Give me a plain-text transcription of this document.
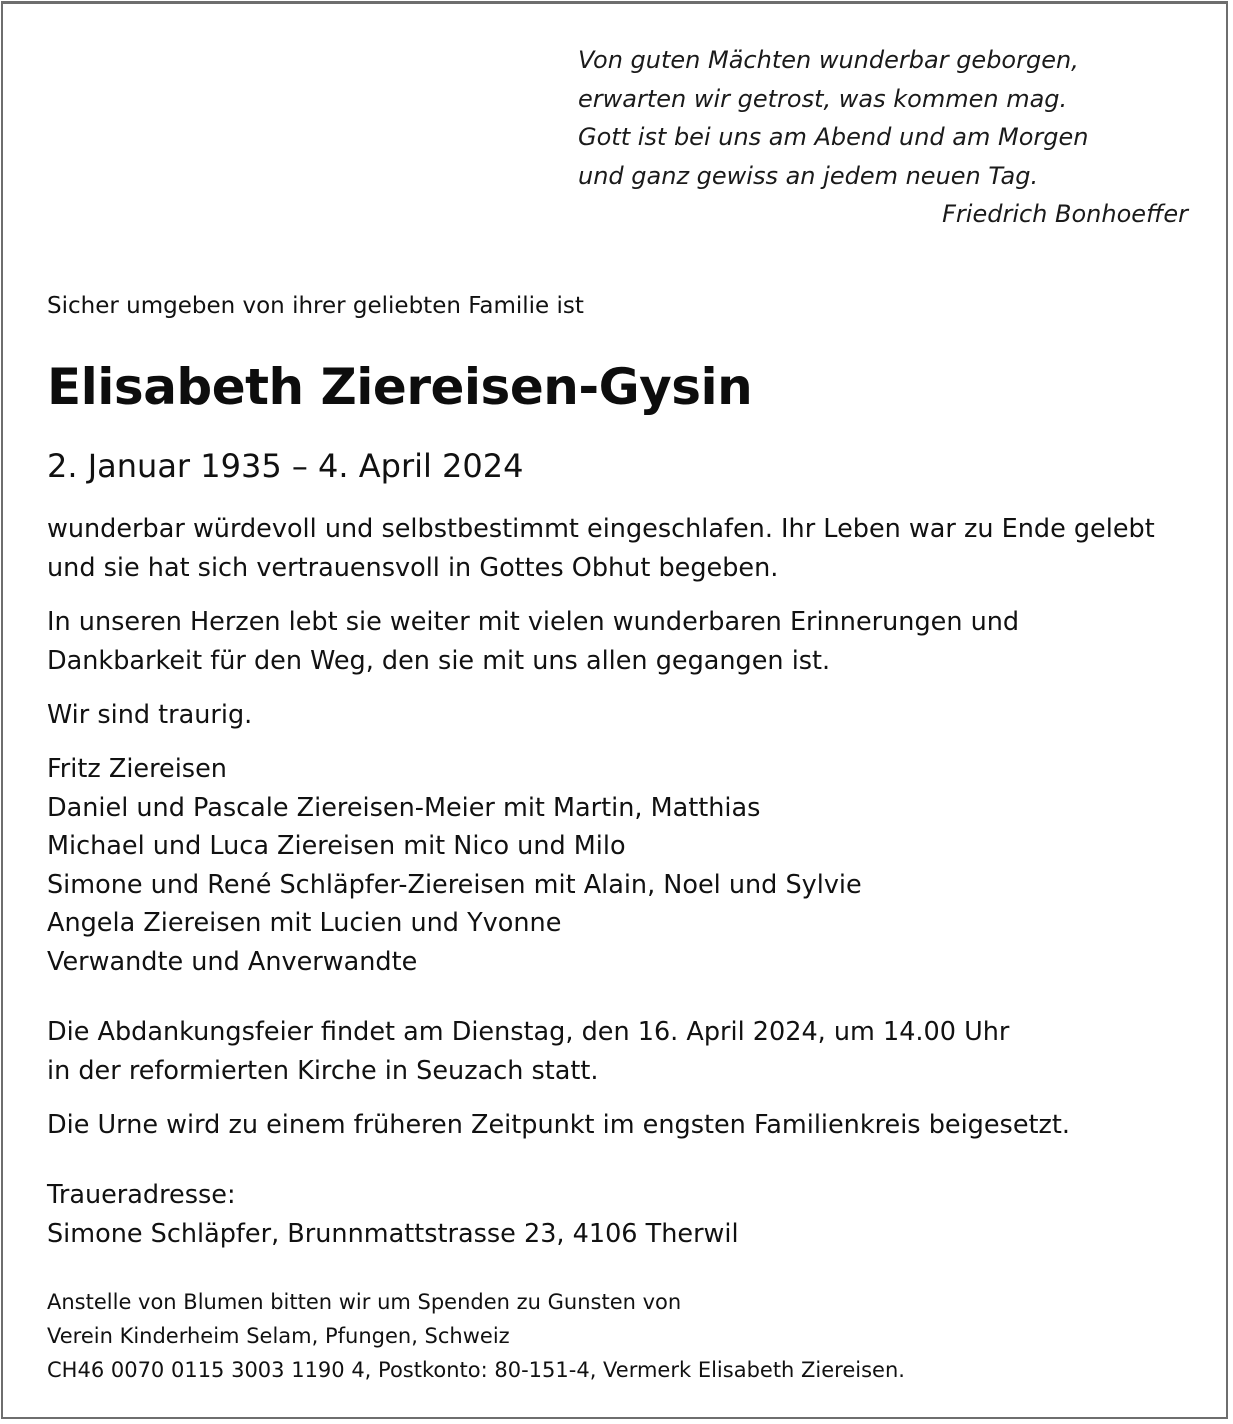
Von guten Mächten wunderbar geborgen,
erwarten wir getrost, was kommen mag.
Gott ist bei uns am Abend und am Morgen
und ganz gewiss an jedem neuen Tag.
Friedrich Bonhoeffer
Sicher umgeben von ihrer geliebten Familie ist
Elisabeth Ziereisen-Gysin
2. Januar 1935 – 4. April 2024
wunderbar würdevoll und selbstbestimmt eingeschlafen. Ihr Leben war zu Ende gelebt
und sie hat sich vertrauensvoll in Gottes Obhut begeben.
In unseren Herzen lebt sie weiter mit vielen wunderbaren Erinnerungen und
Dankbarkeit für den Weg, den sie mit uns allen gegangen ist.
Wir sind traurig.
Fritz Ziereisen
Daniel und Pascale Ziereisen-Meier mit Martin, Matthias
Michael und Luca Ziereisen mit Nico und Milo
Simone und René Schläpfer-Ziereisen mit Alain, Noel und Sylvie
Angela Ziereisen mit Lucien und Yvonne
Verwandte und Anverwandte
Die Abdankungsfeier findet am Dienstag, den 16. April 2024, um 14.00 Uhr
in der reformierten Kirche in Seuzach statt.
Die Urne wird zu einem früheren Zeitpunkt im engsten Familienkreis beigesetzt.
Traueradresse:
Simone Schläpfer, Brunnmattstrasse 23, 4106 Therwil
Anstelle von Blumen bitten wir um Spenden zu Gunsten von
Verein Kinderheim Selam, Pfungen, Schweiz
CH46 0070 0115 3003 1190 4, Postkonto: 80-151-4, Vermerk Elisabeth Ziereisen.
